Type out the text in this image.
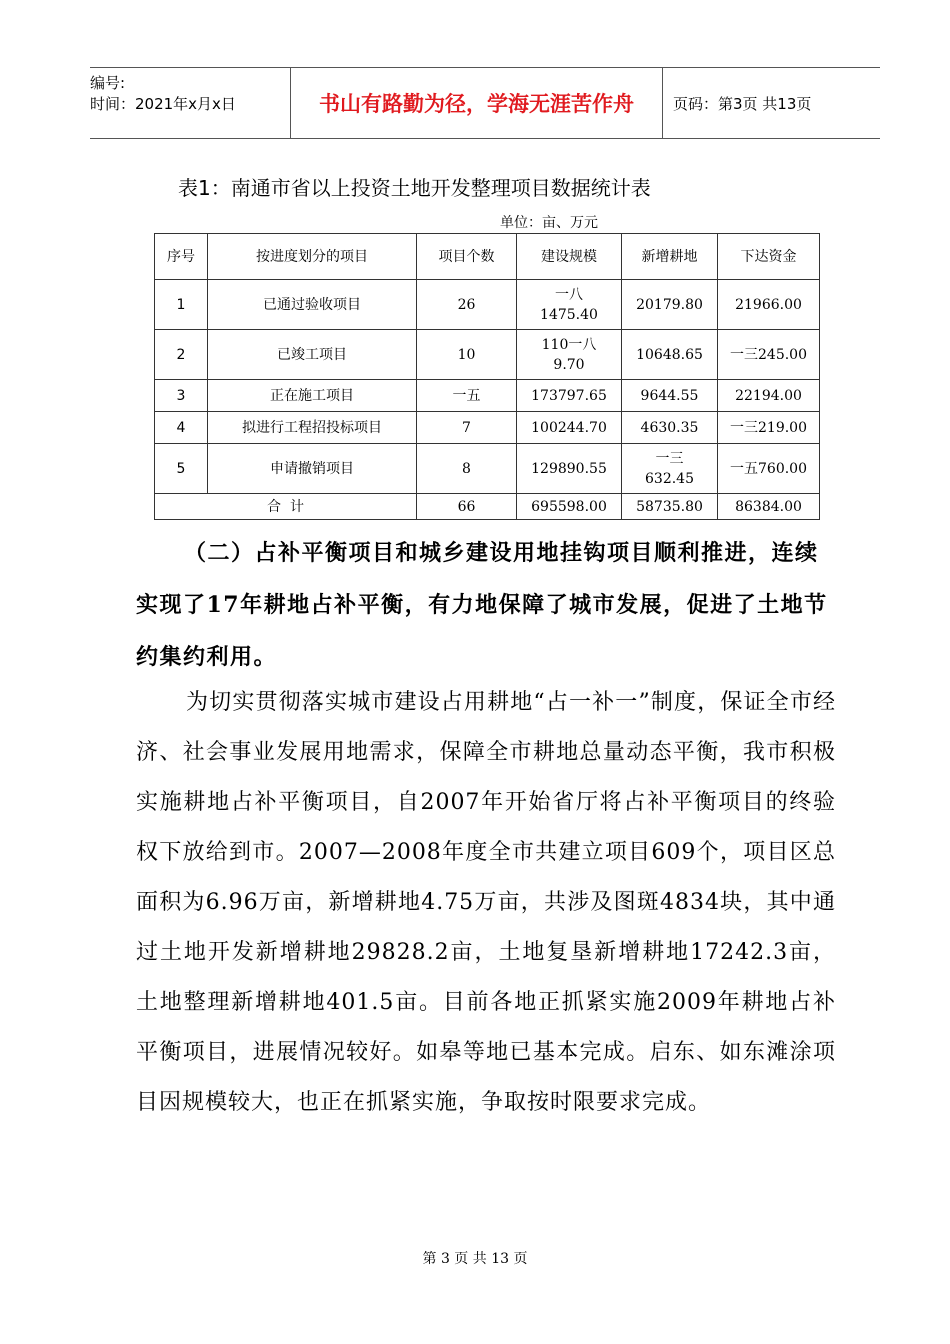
编号:
时间：2021年x月x日	书山有路勤为径，学海无涯苦作舟	页码：第3页 共13页
表1：南通市省以上投资土地开发整理项目数据统计表
单位：亩、万元
序号	按进度划分的项目	项目个数	建设规模	新增耕地	下达资金
1	已通过验收项目	26	一八1475.40	20179.80	21966.00
2	已竣工项目	10	110一八9.70	10648.65	一三245.00
3	正在施工项目	一五	173797.65	9644.55	22194.00
4	拟进行工程招投标项目	7	100244.70	4630.35	一三219.00
5	申请撤销项目	8	129890.55	一三632.45	一五760.00
合  计		66	695598.00	58735.80	86384.00
（二）占补平衡项目和城乡建设用地挂钩项目顺利推进，连续实现了17年耕地占补平衡，有力地保障了城市发展，促进了土地节约集约利用。
为切实贯彻落实城市建设占用耕地“占一补一”制度，保证全市经济、社会事业发展用地需求，保障全市耕地总量动态平衡，我市积极实施耕地占补平衡项目，自2007年开始省厅将占补平衡项目的终验权下放给到市。2007—2008年度全市共建立项目609个，项目区总面积为6.96万亩，新增耕地4.75万亩，共涉及图斑4834块，其中通过土地开发新增耕地29828.2亩，土地复垦新增耕地17242.3亩，土地整理新增耕地401.5亩。目前各地正抓紧实施2009年耕地占补平衡项目，进展情况较好。如皋等地已基本完成。启东、如东滩涂项目因规模较大，也正在抓紧实施，争取按时限要求完成。
第 3 页 共 13 页
